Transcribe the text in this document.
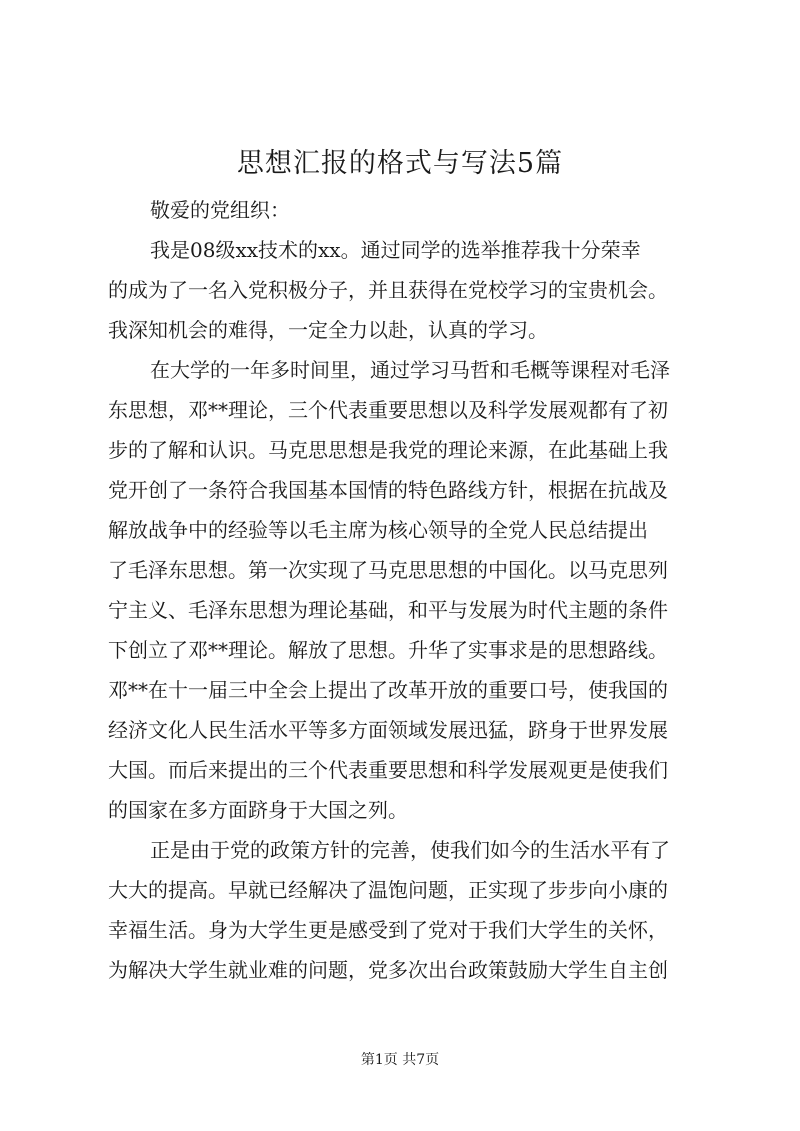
思想汇报的格式与写法5篇
敬爱的党组织：
我是08级xx技术的xx。通过同学的选举推荐我十分荣幸
的成为了一名入党积极分子，并且获得在党校学习的宝贵机会。
我深知机会的难得，一定全力以赴，认真的学习。
在大学的一年多时间里，通过学习马哲和毛概等课程对毛泽
东思想，邓**理论，三个代表重要思想以及科学发展观都有了初
步的了解和认识。马克思思想是我党的理论来源，在此基础上我
党开创了一条符合我国基本国情的特色路线方针，根据在抗战及
解放战争中的经验等以毛主席为核心领导的全党人民总结提出
了毛泽东思想。第一次实现了马克思思想的中国化。以马克思列
宁主义、毛泽东思想为理论基础，和平与发展为时代主题的条件
下创立了邓**理论。解放了思想。升华了实事求是的思想路线。
邓**在十一届三中全会上提出了改革开放的重要口号，使我国的
经济文化人民生活水平等多方面领域发展迅猛，跻身于世界发展
大国。而后来提出的三个代表重要思想和科学发展观更是使我们
的国家在多方面跻身于大国之列。
正是由于党的政策方针的完善，使我们如今的生活水平有了
大大的提高。早就已经解决了温饱问题，正实现了步步向小康的
幸福生活。身为大学生更是感受到了党对于我们大学生的关怀，
为解决大学生就业难的问题，党多次出台政策鼓励大学生自主创
第1页 共7页
